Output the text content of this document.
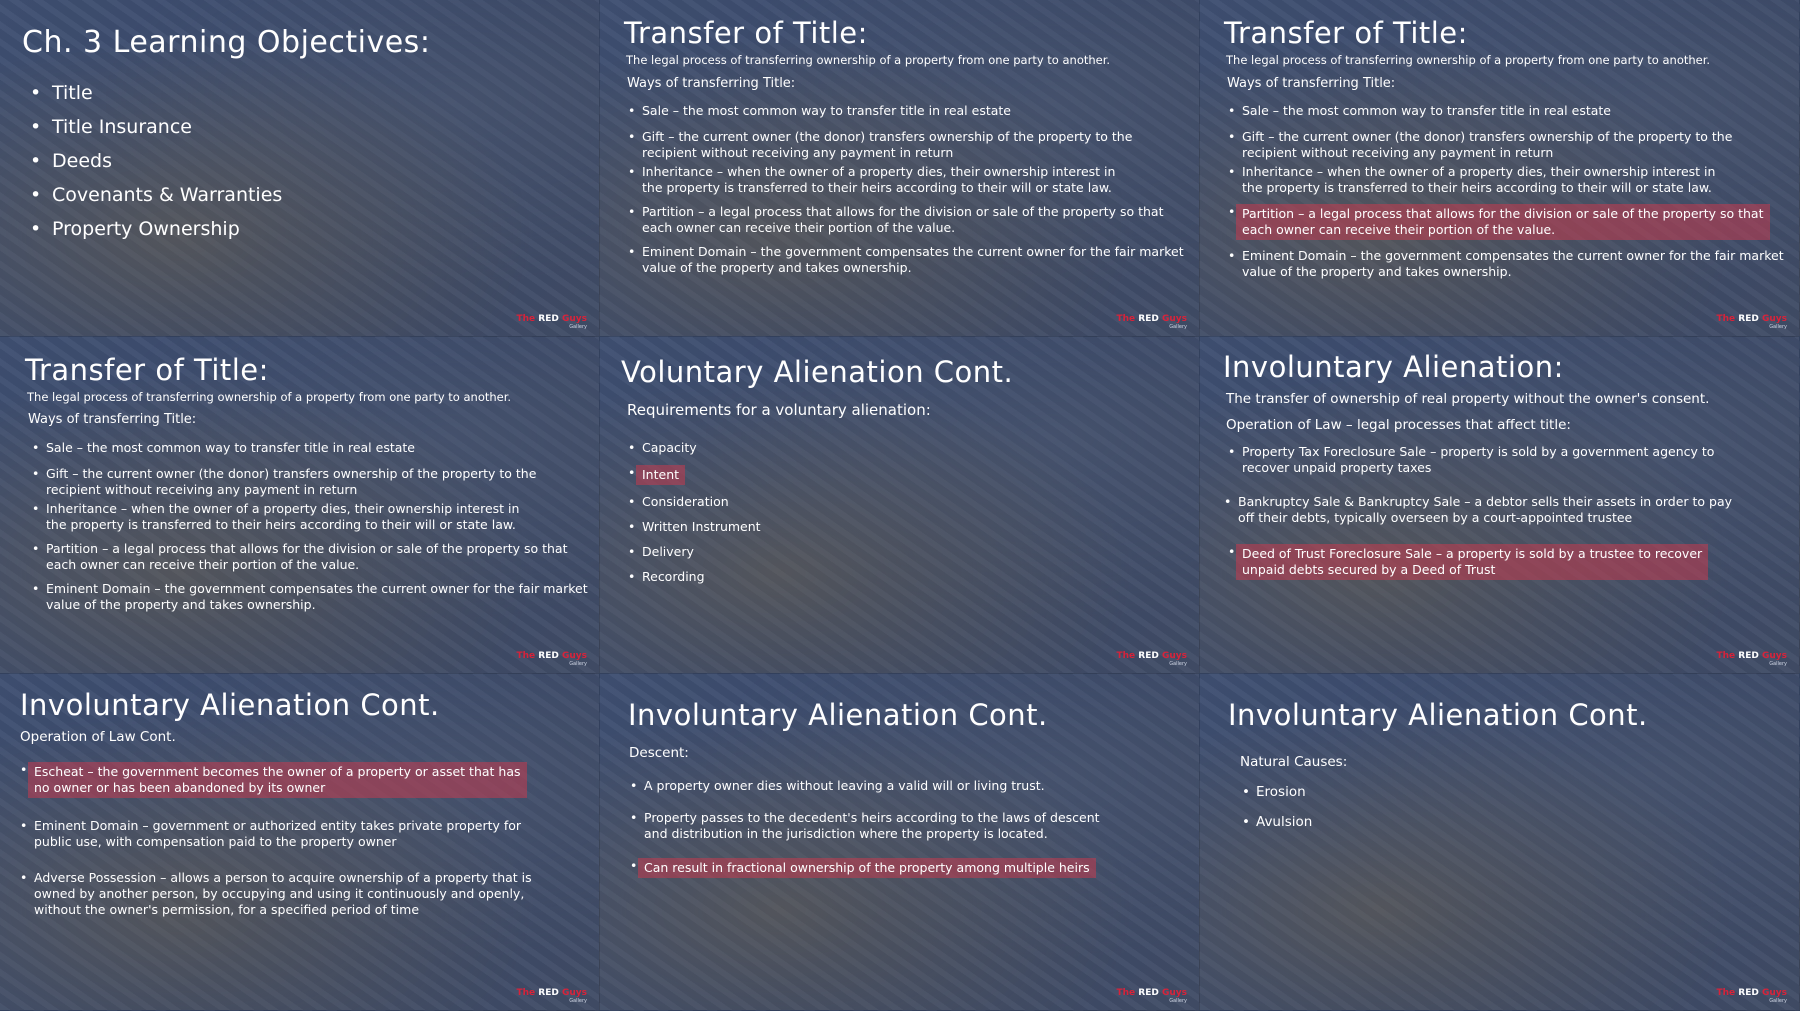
Ch. 3 Learning Objectives:
• Title
• Title Insurance
• Deeds
• Covenants & Warranties
• Property Ownership
The RED Guys
Gallery
Transfer of Title:

The legal process of transferring ownership of a property from one party to another.

Ways of transferring Title:

• Sale – the most common way to transfer title in real estate
• Gift – the current owner (the donor) transfers ownership of the property to the
recipient without receiving any payment in return
• Inheritance – when the owner of a property dies, their ownership interest in
the property is transferred to their heirs according to their will or state law.
• Partition – a legal process that allows for the division or sale of the property so that
each owner can receive their portion of the value.
• Eminent Domain – the government compensates the current owner for the fair market
value of the property and takes ownership.
The RED Guys
Gallery
Transfer of Title:

The legal process of transferring ownership of a property from one party to another.

Ways of transferring Title:

• Sale – the most common way to transfer title in real estate
• Gift – the current owner (the donor) transfers ownership of the property to the
recipient without receiving any payment in return
• Inheritance – when the owner of a property dies, their ownership interest in
the property is transferred to their heirs according to their will or state law.
• Partition – a legal process that allows for the division or sale of the property so that
each owner can receive their portion of the value.
• Eminent Domain – the government compensates the current owner for the fair market
value of the property and takes ownership.
The RED Guys
Gallery
Transfer of Title:

The legal process of transferring ownership of a property from one party to another.

Ways of transferring Title:

• Sale – the most common way to transfer title in real estate
• Gift – the current owner (the donor) transfers ownership of the property to the
recipient without receiving any payment in return
• Inheritance – when the owner of a property dies, their ownership interest in
the property is transferred to their heirs according to their will or state law.
• Partition – a legal process that allows for the division or sale of the property so that
each owner can receive their portion of the value.
• Eminent Domain – the government compensates the current owner for the fair market
value of the property and takes ownership.
The RED Guys
Gallery
Voluntary Alienation Cont.

Requirements for a voluntary alienation:

• Capacity
• Intent
• Consideration
• Written Instrument
• Delivery
• Recording
The RED Guys
Gallery
Involuntary Alienation:

The transfer of ownership of real property without the owner's consent.

Operation of Law – legal processes that affect title:

• Property Tax Foreclosure Sale – property is sold by a government agency to
recover unpaid property taxes
• Bankruptcy Sale & Bankruptcy Sale – a debtor sells their assets in order to pay
off their debts, typically overseen by a court-appointed trustee
• Deed of Trust Foreclosure Sale – a property is sold by a trustee to recover
unpaid debts secured by a Deed of Trust
The RED Guys
Gallery
Involuntary Alienation Cont.

Operation of Law Cont.

• Escheat – the government becomes the owner of a property or asset that has
no owner or has been abandoned by its owner
• Eminent Domain – government or authorized entity takes private property for
public use, with compensation paid to the property owner
• Adverse Possession – allows a person to acquire ownership of a property that is
owned by another person, by occupying and using it continuously and openly,
without the owner's permission, for a specified period of time
The RED Guys
Gallery
Involuntary Alienation Cont.

Descent:

• A property owner dies without leaving a valid will or living trust.
• Property passes to the decedent's heirs according to the laws of descent
and distribution in the jurisdiction where the property is located.
• Can result in fractional ownership of the property among multiple heirs
The RED Guys
Gallery
Involuntary Alienation Cont.

Natural Causes:

• Erosion
• Avulsion
The RED Guys
Gallery
